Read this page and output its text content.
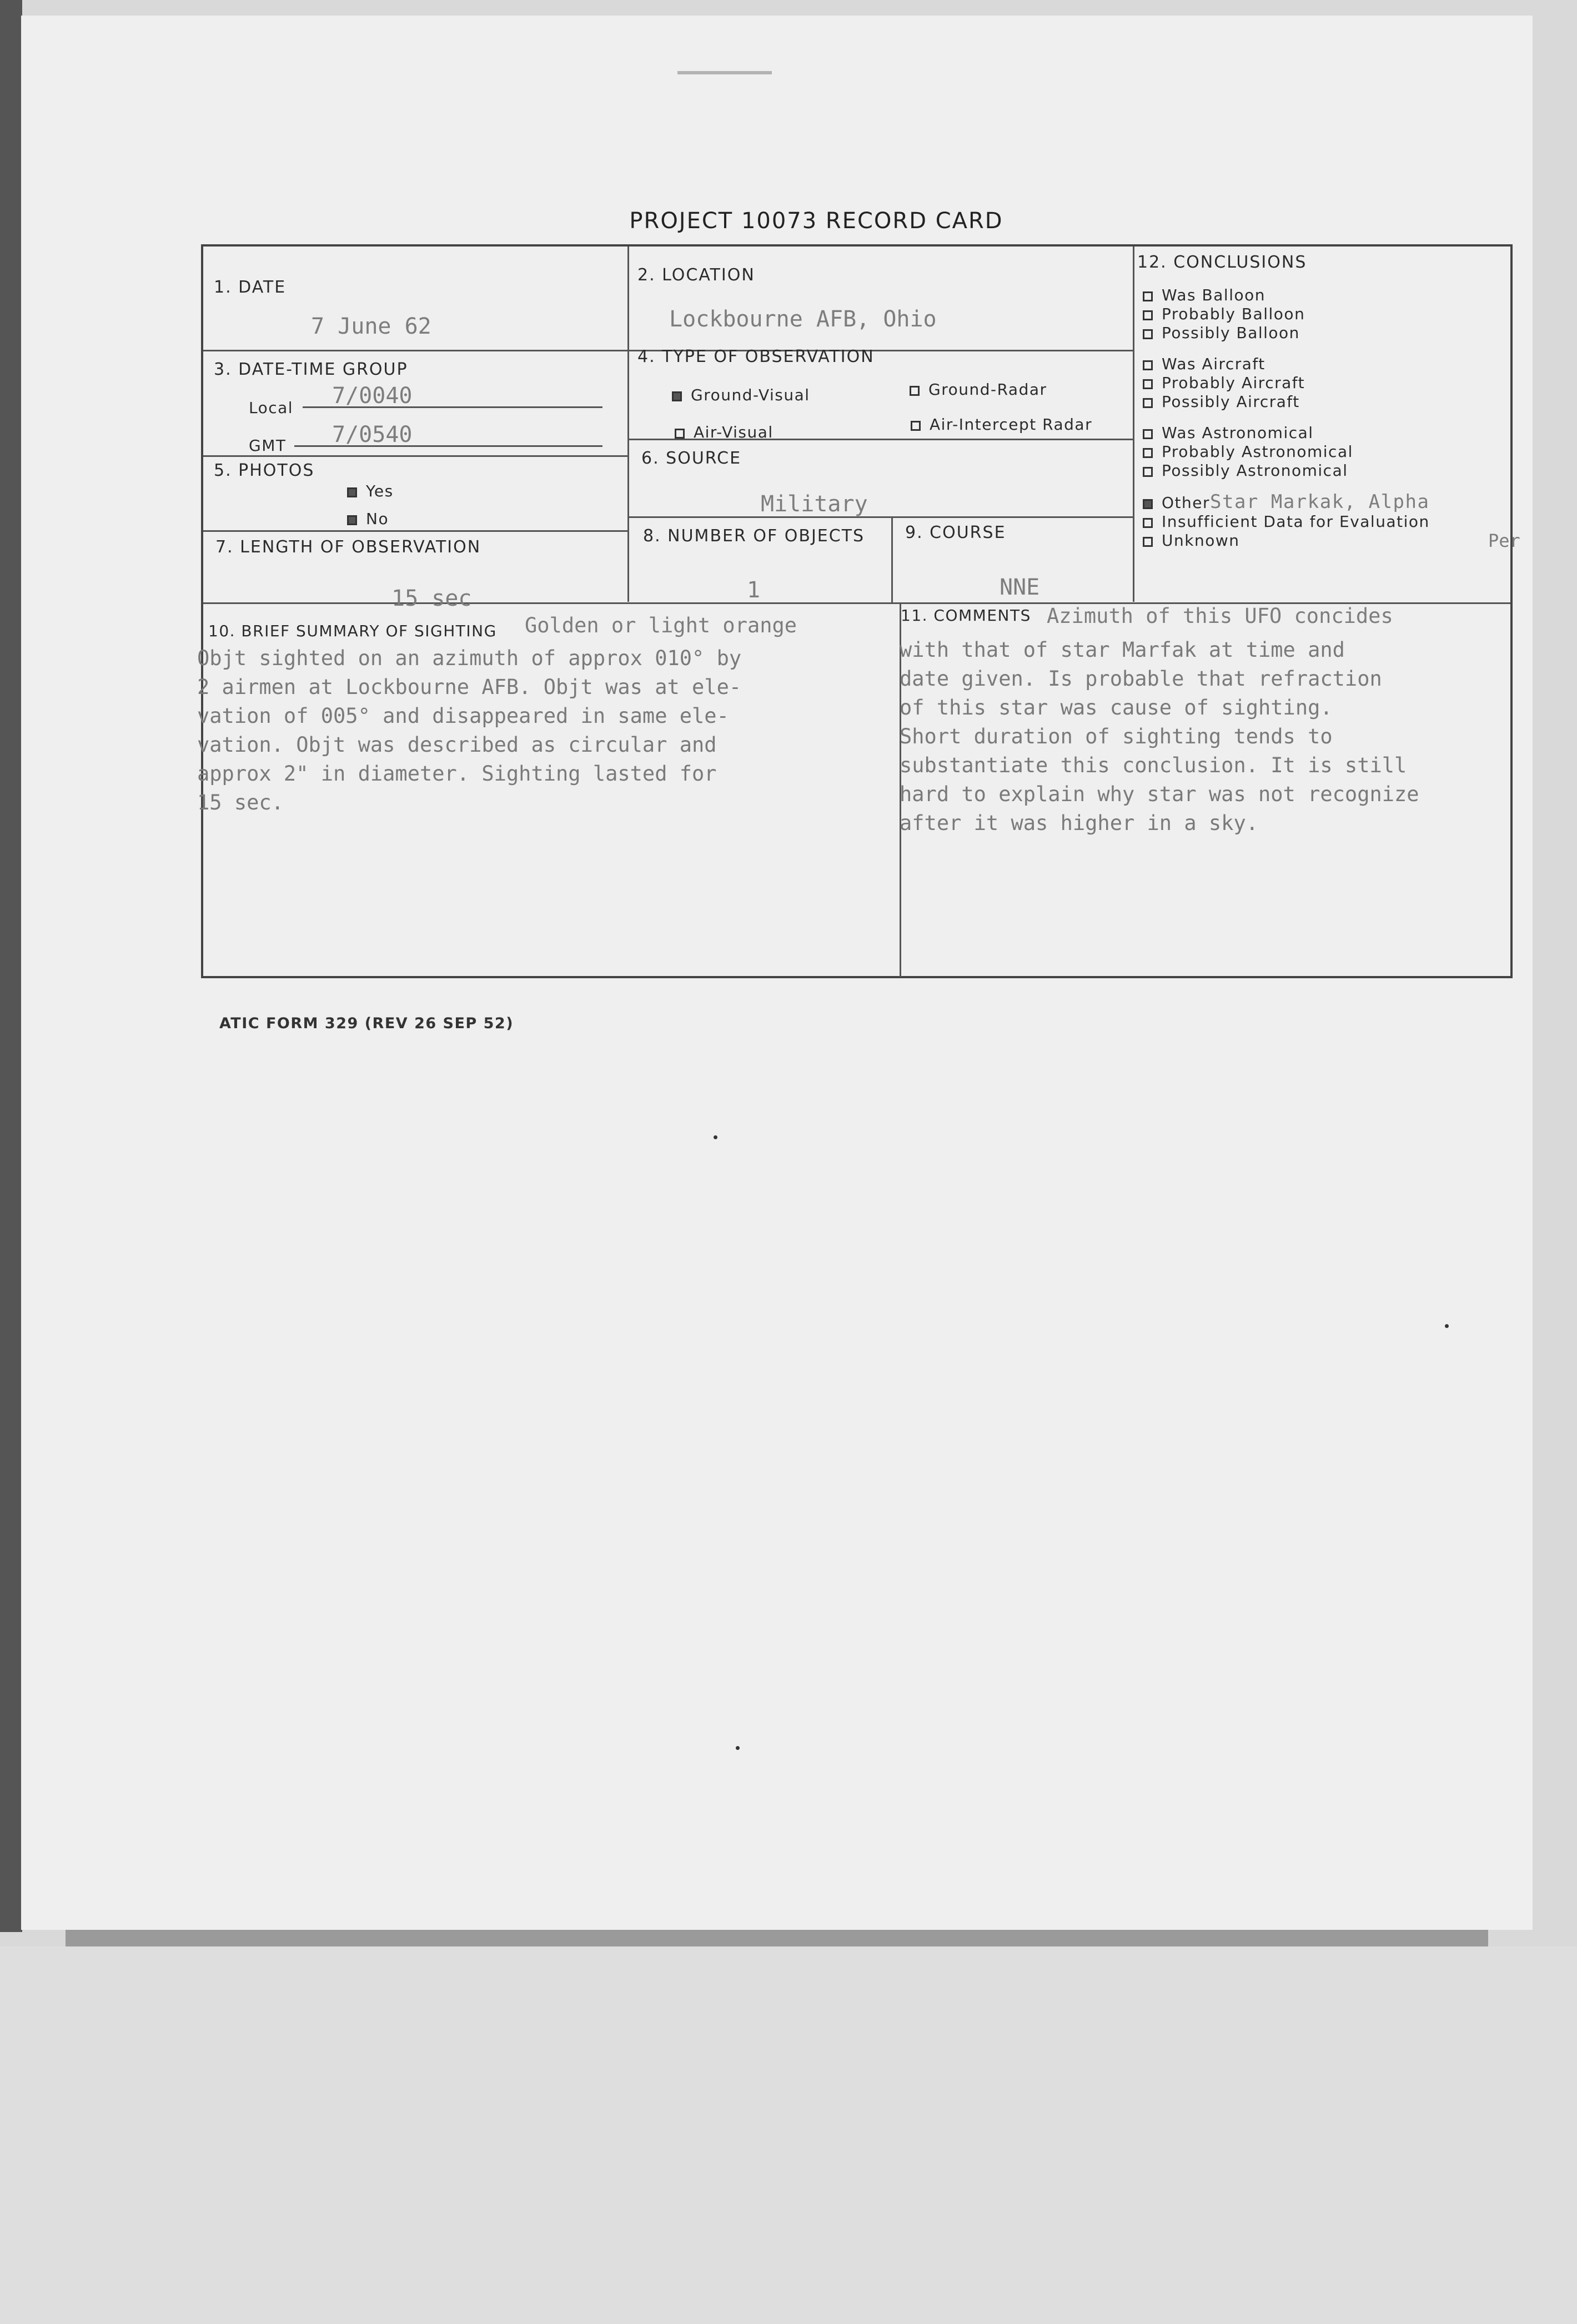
PROJECT 10073 RECORD CARD
1. DATE
7 June 62
2. LOCATION
Lockbourne AFB, Ohio
3. DATE-TIME GROUP
Local 7/0040
GMT 7/0540
4. TYPE OF OBSERVATION
Ground-Visual	Ground-Radar
Air-Visual	Air-Intercept Radar
5. PHOTOS
Yes
No
6. SOURCE
Military
7. LENGTH OF OBSERVATION
15 sec
8. NUMBER OF OBJECTS
1
9. COURSE
NNE
10. BRIEF SUMMARY OF SIGHTING Golden or light orange
Objt sighted on an azimuth of approx 010° by
2 airmen at Lockbourne AFB. Objt was at ele-
vation of 005° and disappeared in same ele-
vation. Objt was described as circular and
approx 2" in diameter. Sighting lasted for
15 sec.
11. COMMENTS Azimuth of this UFO concides
with that of star Marfak at time and
date given. Is probable that refraction
of this star was cause of sighting.
Short duration of sighting tends to
substantiate this conclusion. It is still
hard to explain why star was not recognize
after it was higher in a sky.
12. CONCLUSIONS
Was Balloon
Probably Balloon
Possibly Balloon
Was Aircraft
Probably Aircraft
Possibly Aircraft
Was Astronomical
Probably Astronomical
Possibly Astronomical
OtherStar Markak, Alpha
Insufficient Data for Evaluation
Unknown	Per
ATIC FORM 329 (REV 26 SEP 52)
